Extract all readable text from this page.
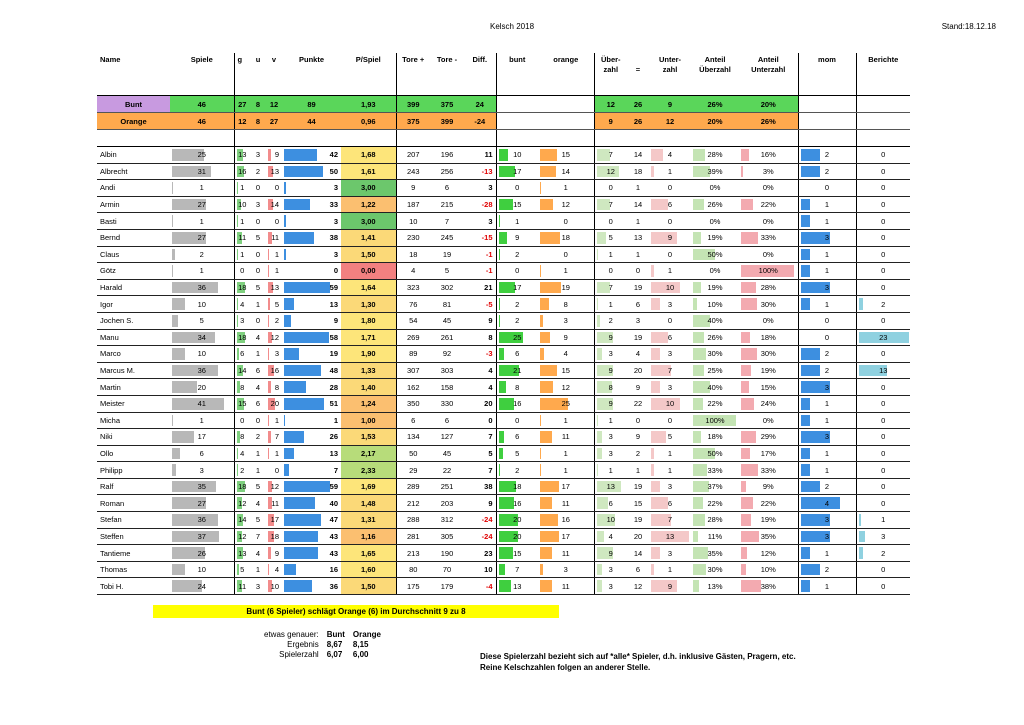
Kelsch 2018	Stand:18.12.18
Name	Spiele	g	u	v	Punkte	P/Spiel	Tore +	Tore -	Diff.	bunt	orange	Über-zahl	=	Unter-zahl	Anteil Überzahl	Anteil Unterzahl	mom	Berichte
Bunt	46	27	8	12	89	1,93	399	375	24			12	26	9	26%	20%		
Orange	46	12	8	27	44	0,96	375	399	-24			9	26	12	20%	26%		

Albin	25	13	3	9	42	1,68	207	196	11	10	15	7	14	4	28%	16%	2	0
Albrecht	31	16	2	13	50	1,61	243	256	-13	17	14	12	18	1	39%	3%	2	0
Andi	1	1	0	0	3	3,00	9	6	3	0	1	0	1	0	0%	0%	0	0
Armin	27	10	3	14	33	1,22	187	215	-28	15	12	7	14	6	26%	22%	1	0
Basti	1	1	0	0	3	3,00	10	7	3	1	0	0	1	0	0%	0%	1	0
Bernd	27	11	5	11	38	1,41	230	245	-15	9	18	5	13	9	19%	33%	3	0
Claus	2	1	0	1	3	1,50	18	19	-1	2	0	1	1	0	50%	0%	1	0
Götz	1	0	0	1	0	0,00	4	5	-1	0	1	0	0	1	0%	100%	1	0
Harald	36	18	5	13	59	1,64	323	302	21	17	19	7	19	10	19%	28%	3	0
Igor	10	4	1	5	13	1,30	76	81	-5	2	8	1	6	3	10%	30%	1	2
Jochen S.	5	3	0	2	9	1,80	54	45	9	2	3	2	3	0	40%	0%	0	0
Manu	34	18	4	12	58	1,71	269	261	8	25	9	9	19	6	26%	18%	0	23
Marco	10	6	1	3	19	1,90	89	92	-3	6	4	3	4	3	30%	30%	2	0
Marcus M.	36	14	6	16	48	1,33	307	303	4	21	15	9	20	7	25%	19%	2	13
Martin	20	8	4	8	28	1,40	162	158	4	8	12	8	9	3	40%	15%	3	0
Meister	41	15	6	20	51	1,24	350	330	20	16	25	9	22	10	22%	24%	1	0
Micha	1	0	0	1	1	1,00	6	6	0	0	1	1	0	0	100%	0%	1	0
Niki	17	8	2	7	26	1,53	134	127	7	6	11	3	9	5	18%	29%	3	0
Ollo	6	4	1	1	13	2,17	50	45	5	5	1	3	2	1	50%	17%	1	0
Philipp	3	2	1	0	7	2,33	29	22	7	2	1	1	1	1	33%	33%	1	0
Ralf	35	18	5	12	59	1,69	289	251	38	18	17	13	19	3	37%	9%	2	0
Roman	27	12	4	11	40	1,48	212	203	9	16	11	6	15	6	22%	22%	4	0
Stefan	36	14	5	17	47	1,31	288	312	-24	20	16	10	19	7	28%	19%	3	1
Steffen	37	12	7	18	43	1,16	281	305	-24	20	17	4	20	13	11%	35%	3	3
Tantieme	26	13	4	9	43	1,65	213	190	23	15	11	9	14	3	35%	12%	1	2
Thomas	10	5	1	4	16	1,60	80	70	10	7	3	3	6	1	30%	10%	2	0
Tobi H.	24	11	3	10	36	1,50	175	179	-4	13	11	3	12	9	13%	38%	1	0
Bunt (6 Spieler) schlägt Orange (6) im Durchschnitt 9 zu 8
etwas genauer:	Bunt	Orange
Ergebnis	8,67	8,15
Spielerzahl	6,07	6,00	Diese Spielerzahl bezieht sich auf *alle* Spieler, d.h. inklusive Gästen, Pragern, etc.
Reine Kelschzahlen folgen an anderer Stelle.
